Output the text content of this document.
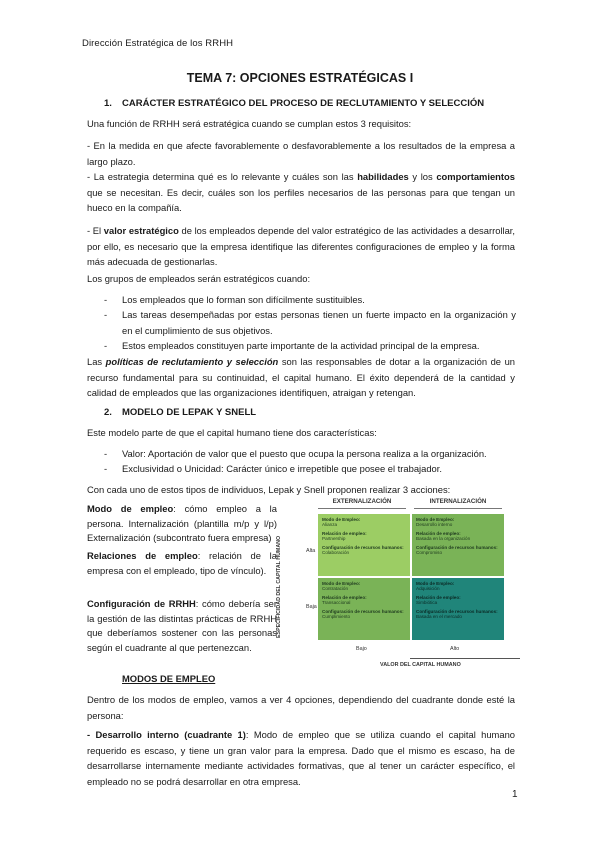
Dirección Estratégica de los RRHH
TEMA 7: OPCIONES ESTRATÉGICAS I
1. CARÁCTER ESTRATÉGICO DEL PROCESO DE RECLUTAMIENTO Y SELECCIÓN
Una función de RRHH será estratégica cuando se cumplan estos 3 requisitos:
- En la medida en que afecte favorablemente o desfavorablemente a los resultados de la empresa a largo plazo.
- La estrategia determina qué es lo relevante y cuáles son las habilidades y los comportamientos que se necesitan. Es decir, cuáles son los perfiles necesarios de las personas para que tengan un hueco en la compañía.
- El valor estratégico de los empleados depende del valor estratégico de las actividades a desarrollar, por ello, es necesario que la empresa identifique las diferentes configuraciones de empleo y la forma más adecuada de gestionarlas.
Los grupos de empleados serán estratégicos cuando:
- Los empleados que lo forman son difícilmente sustituibles.
- Las tareas desempeñadas por estas personas tienen un fuerte impacto en la organización y en el cumplimiento de sus objetivos.
- Estos empleados constituyen parte importante de la actividad principal de la empresa.
Las políticas de reclutamiento y selección son las responsables de dotar a la organización de un recurso fundamental para su continuidad, el capital humano. El éxito dependerá de la cantidad y calidad de empleados que las organizaciones identifiquen, atraigan y retengan.
2. MODELO DE LEPAK Y SNELL
Este modelo parte de que el capital humano tiene dos características:
- Valor: Aportación de valor que el puesto que ocupa la persona realiza a la organización.
- Exclusividad o Unicidad: Carácter único e irrepetible que posee el trabajador.
Con cada uno de estos tipos de individuos, Lepak y Snell proponen realizar 3 acciones:
Modo de empleo: cómo empleo a la persona. Internalización (plantilla m/p y l/p) Externalización (subcontrato fuera empresa)
Relaciones de empleo: relación de la empresa con el empleado, tipo de vínculo).
Configuración de RRHH: cómo debería ser la gestión de las distintas prácticas de RRHH que deberíamos sostener con las personas según el cuadrante al que pertenezcan.
EXTERNALIZACIÓN	INTERNALIZACIÓN
ESPECIFICIDAD DEL CAPITAL HUMANO	Alta
Baja
Modo de Empleo:
Alianza
Relación de empleo:
Partnership
Configuración de recursos humanos:
Colaboración
Modo de Empleo:
Desarrollo interno
Relación de empleo:
Basada en la organización
Configuración de recursos humanos:
Compromiso
Modo de Empleo:
Contratación
Relación de empleo:
Transaccional
Configuración de recursos humanos:
Cumplimiento
Modo de Empleo:
Adquisición
Relación de empleo:
Simbiótica
Configuración de recursos humanos:
Basada en el mercado
Bajo	Alto
VALOR DEL CAPITAL HUMANO
MODOS DE EMPLEO
Dentro de los modos de empleo, vamos a ver 4 opciones, dependiendo del cuadrante donde esté la persona:
- Desarrollo interno (cuadrante 1): Modo de empleo que se utiliza cuando el capital humano requerido es escaso, y tiene un gran valor para la empresa. Dado que el mismo es escaso, ha de desarrollarse internamente mediante actividades formativas, que al tener un carácter específico, el empleado no se podrá desarrollar en otra empresa.
1
